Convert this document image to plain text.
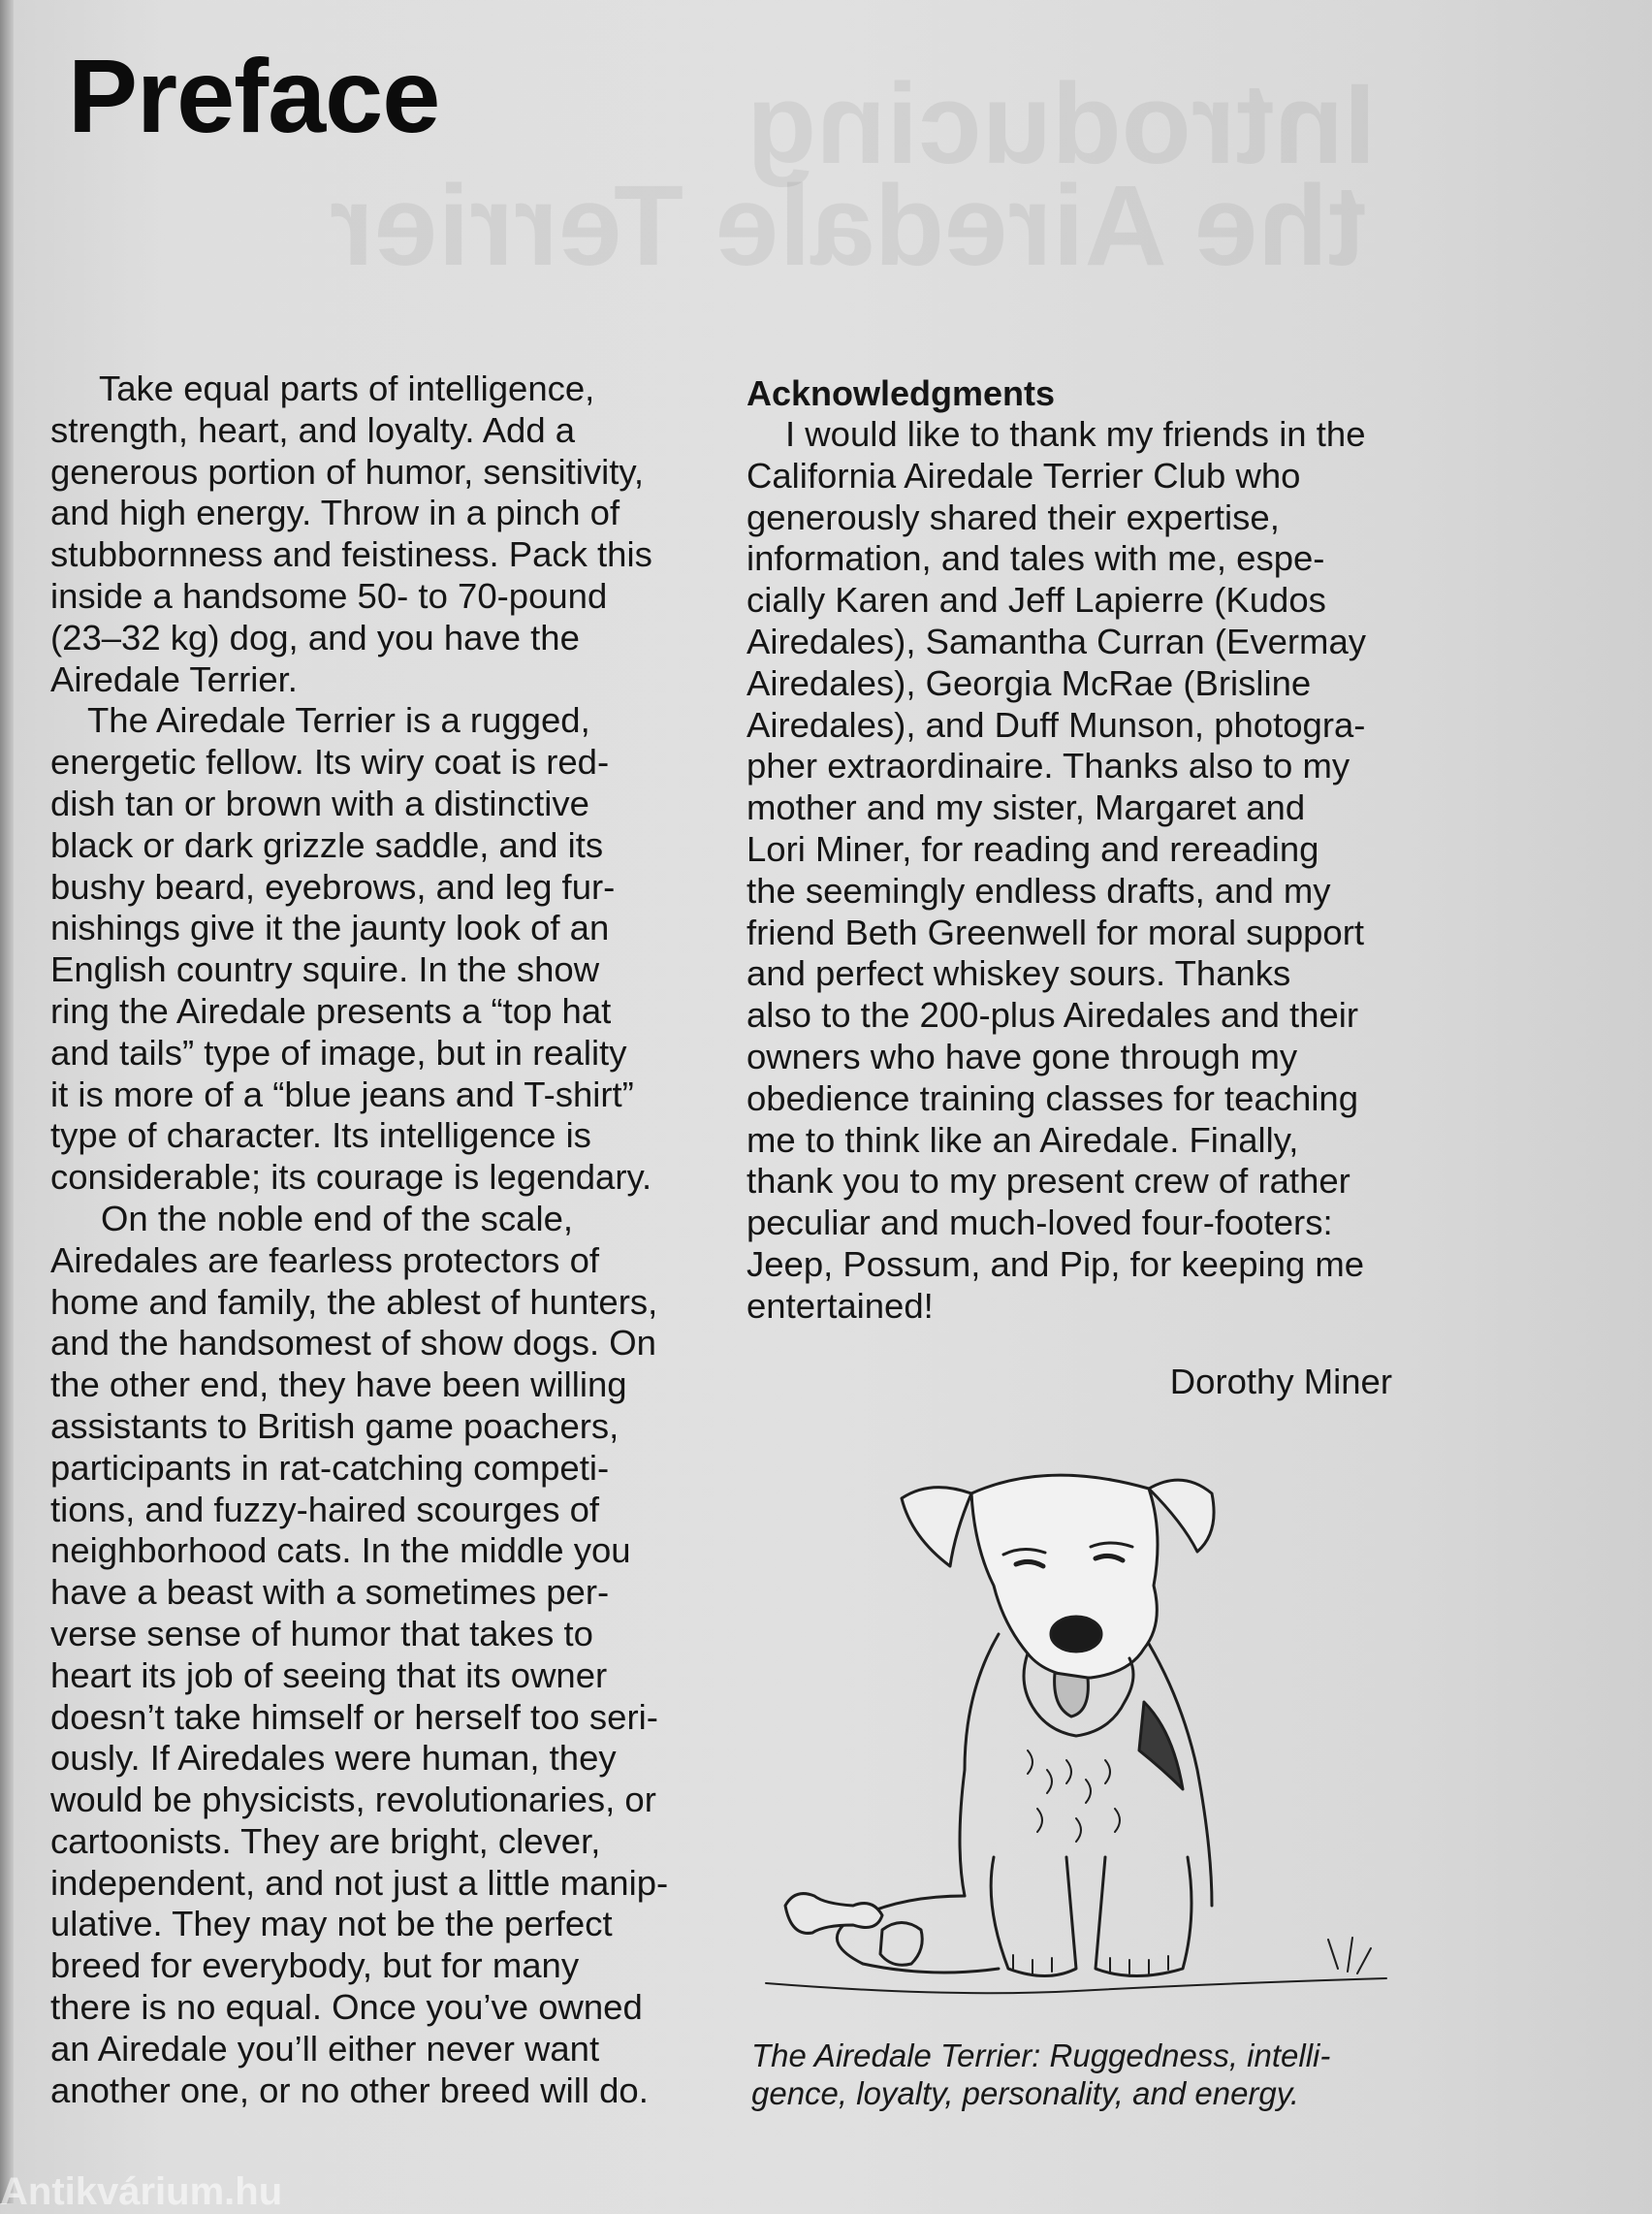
Introducing
the Airedale Terrier
Preface
Take equal parts of intelligence,
strength, heart, and loyalty. Add a
generous portion of humor, sensitivity,
and high energy. Throw in a pinch of
stubbornness and feistiness. Pack this
inside a handsome 50- to 70-pound
(23–32 kg) dog, and you have the
Airedale Terrier.
The Airedale Terrier is a rugged,
energetic fellow. Its wiry coat is red-
dish tan or brown with a distinctive
black or dark grizzle saddle, and its
bushy beard, eyebrows, and leg fur-
nishings give it the jaunty look of an
English country squire. In the show
ring the Airedale presents a “top hat
and tails” type of image, but in reality
it is more of a “blue jeans and T-shirt”
type of character. Its intelligence is
considerable; its courage is legendary.
On the noble end of the scale,
Airedales are fearless protectors of
home and family, the ablest of hunters,
and the handsomest of show dogs. On
the other end, they have been willing
assistants to British game poachers,
participants in rat-catching competi-
tions, and fuzzy-haired scourges of
neighborhood cats. In the middle you
have a beast with a sometimes per-
verse sense of humor that takes to
heart its job of seeing that its owner
doesn’t take himself or herself too seri-
ously. If Airedales were human, they
would be physicists, revolutionaries, or
cartoonists. They are bright, clever,
independent, and not just a little manip-
ulative. They may not be the perfect
breed for everybody, but for many
there is no equal. Once you’ve owned
an Airedale you’ll either never want
another one, or no other breed will do.

Acknowledgments

I would like to thank my friends in the
California Airedale Terrier Club who
generously shared their expertise,
information, and tales with me, espe-
cially Karen and Jeff Lapierre (Kudos
Airedales), Samantha Curran (Evermay
Airedales), Georgia McRae (Brisline
Airedales), and Duff Munson, photogra-
pher extraordinaire. Thanks also to my
mother and my sister, Margaret and
Lori Miner, for reading and rereading
the seemingly endless drafts, and my
friend Beth Greenwell for moral support
and perfect whiskey sours. Thanks
also to the 200-plus Airedales and their
owners who have gone through my
obedience training classes for teaching
me to think like an Airedale. Finally,
thank you to my present crew of rather
peculiar and much-loved four-footers:
Jeep, Possum, and Pip, for keeping me
entertained!
Dorothy Miner
The Airedale Terrier: Ruggedness, intelli-
gence, loyalty, personality, and energy.
Antikvárium.hu
